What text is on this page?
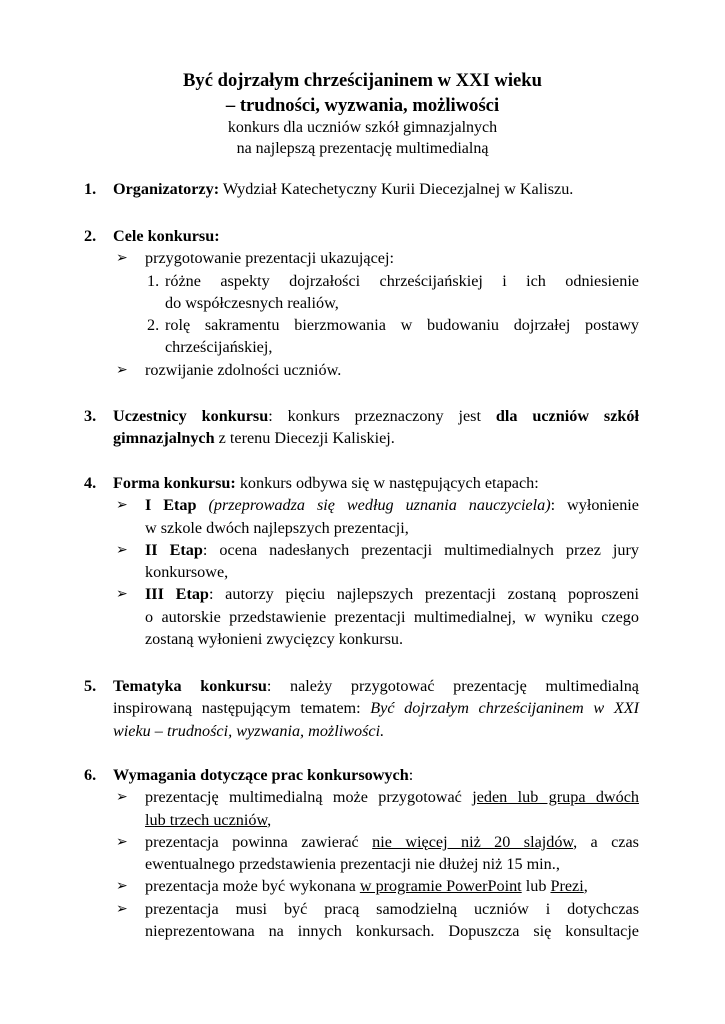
Być dojrzałym chrześcijaninem w XXI wieku

– trudności, wyzwania, możliwości

konkurs dla uczniów szkół gimnazjalnych

na najlepszą prezentację multimedialną

1. Organizatorzy: Wydział Katechetyczny Kurii Diecezjalnej w Kaliszu.
2. Cele konkursu:
➢ przygotowanie prezentacji ukazującej:
1. różne aspekty dojrzałości chrześcijańskiej i ich odniesienie
do współczesnych realiów,
2. rolę sakramentu bierzmowania w budowaniu dojrzałej postawy
chrześcijańskiej,
➢ rozwijanie zdolności uczniów.
3. Uczestnicy konkursu: konkurs przeznaczony jest dla uczniów szkół
gimnazjalnych z terenu Diecezji Kaliskiej.
4. Forma konkursu: konkurs odbywa się w następujących etapach:
➢ I Etap (przeprowadza się według uznania nauczyciela): wyłonienie
w szkole dwóch najlepszych prezentacji,
➢ II Etap: ocena nadesłanych prezentacji multimedialnych przez jury
konkursowe,
➢ III Etap: autorzy pięciu najlepszych prezentacji zostaną poproszeni
o autorskie przedstawienie prezentacji multimedialnej, w wyniku czego
zostaną wyłonieni zwycięzcy konkursu.
5. Tematyka konkursu: należy przygotować prezentację multimedialną
inspirowaną następującym tematem: Być dojrzałym chrześcijaninem w XXI
wieku – trudności, wyzwania, możliwości.
6. Wymagania dotyczące prac konkursowych:
➢ prezentację multimedialną może przygotować jeden lub grupa dwóch
lub trzech uczniów,
➢ prezentacja powinna zawierać nie więcej niż 20 slajdów, a czas
ewentualnego przedstawienia prezentacji nie dłużej niż 15 min.,
➢ prezentacja może być wykonana w programie PowerPoint lub Prezi,
➢ prezentacja musi być pracą samodzielną uczniów i dotychczas
nieprezentowana na innych konkursach. Dopuszcza się konsultacje
